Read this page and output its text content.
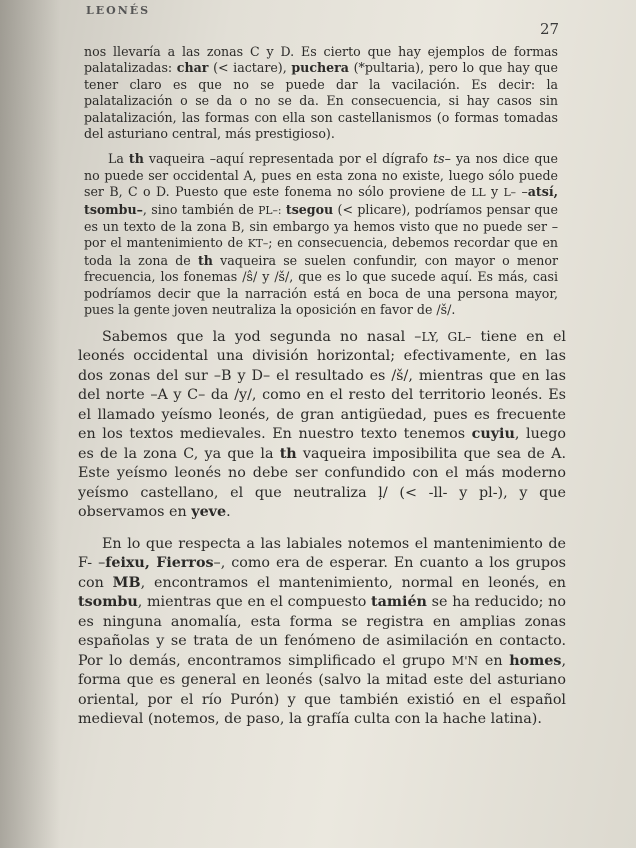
LEONÉS
27

nos llevaría a las zonas C y D. Es cierto que hay ejemplos de formas palatalizadas: char (< iactare), puchera (*pultaria), pero lo que hay que tener claro es que no se puede dar la vacilación. Es decir: la palatalización o se da o no se da. En consecuencia, si hay casos sin palatalización, las formas con ella son castellanismos (o formas tomadas del asturiano central, más prestigioso).

La th vaqueira –aquí representada por el dígrafo ts– ya nos dice que no puede ser occidental A, pues en esta zona no existe, luego sólo puede ser B, C o D. Puesto que este fonema no sólo proviene de LL y L– –atsí, tsombu–, sino también de PL–: tsegou (< plicare), podríamos pensar que es un texto de la zona B, sin embargo ya hemos visto que no puede ser –por el mantenimiento de KT–; en consecuencia, debemos recordar que en toda la zona de th vaqueira se suelen confundir, con mayor o menor frecuencia, los fonemas /ŝ/ y /š/, que es lo que sucede aquí. Es más, casi podríamos decir que la narración está en boca de una persona mayor, pues la gente joven neutraliza la oposición en favor de /š/.

Sabemos que la yod segunda no nasal –LY, GL– tiene en el leonés occidental una división horizontal; efectivamente, en las dos zonas del sur –B y D– el resultado es /š/, mientras que en las del norte –A y C– da /y/, como en el resto del territorio leonés. Es el llamado yeísmo leonés, de gran antigüedad, pues es frecuente en los textos medievales. En nuestro texto tenemos cuyiu, luego es de la zona C, ya que la th vaqueira imposibilita que sea de A. Este yeísmo leonés no debe ser confundido con el más moderno yeísmo castellano, el que neutraliza ļ/ (< -ll- y pl-), y que observamos en yeve.

En lo que respecta a las labiales notemos el mantenimiento de F- –feixu, Fierros–, como era de esperar. En cuanto a los grupos con MB, encontramos el mantenimiento, normal en leonés, en tsombu, mientras que en el compuesto tamién se ha reducido; no es ninguna anomalía, esta forma se registra en amplias zonas españolas y se trata de un fenómeno de asimilación en contacto. Por lo demás, encontramos simplificado el grupo M'N en homes, forma que es general en leonés (salvo la mitad este del asturiano oriental, por el río Purón) y que también existió en el español medieval (notemos, de paso, la grafía culta con la hache latina).
